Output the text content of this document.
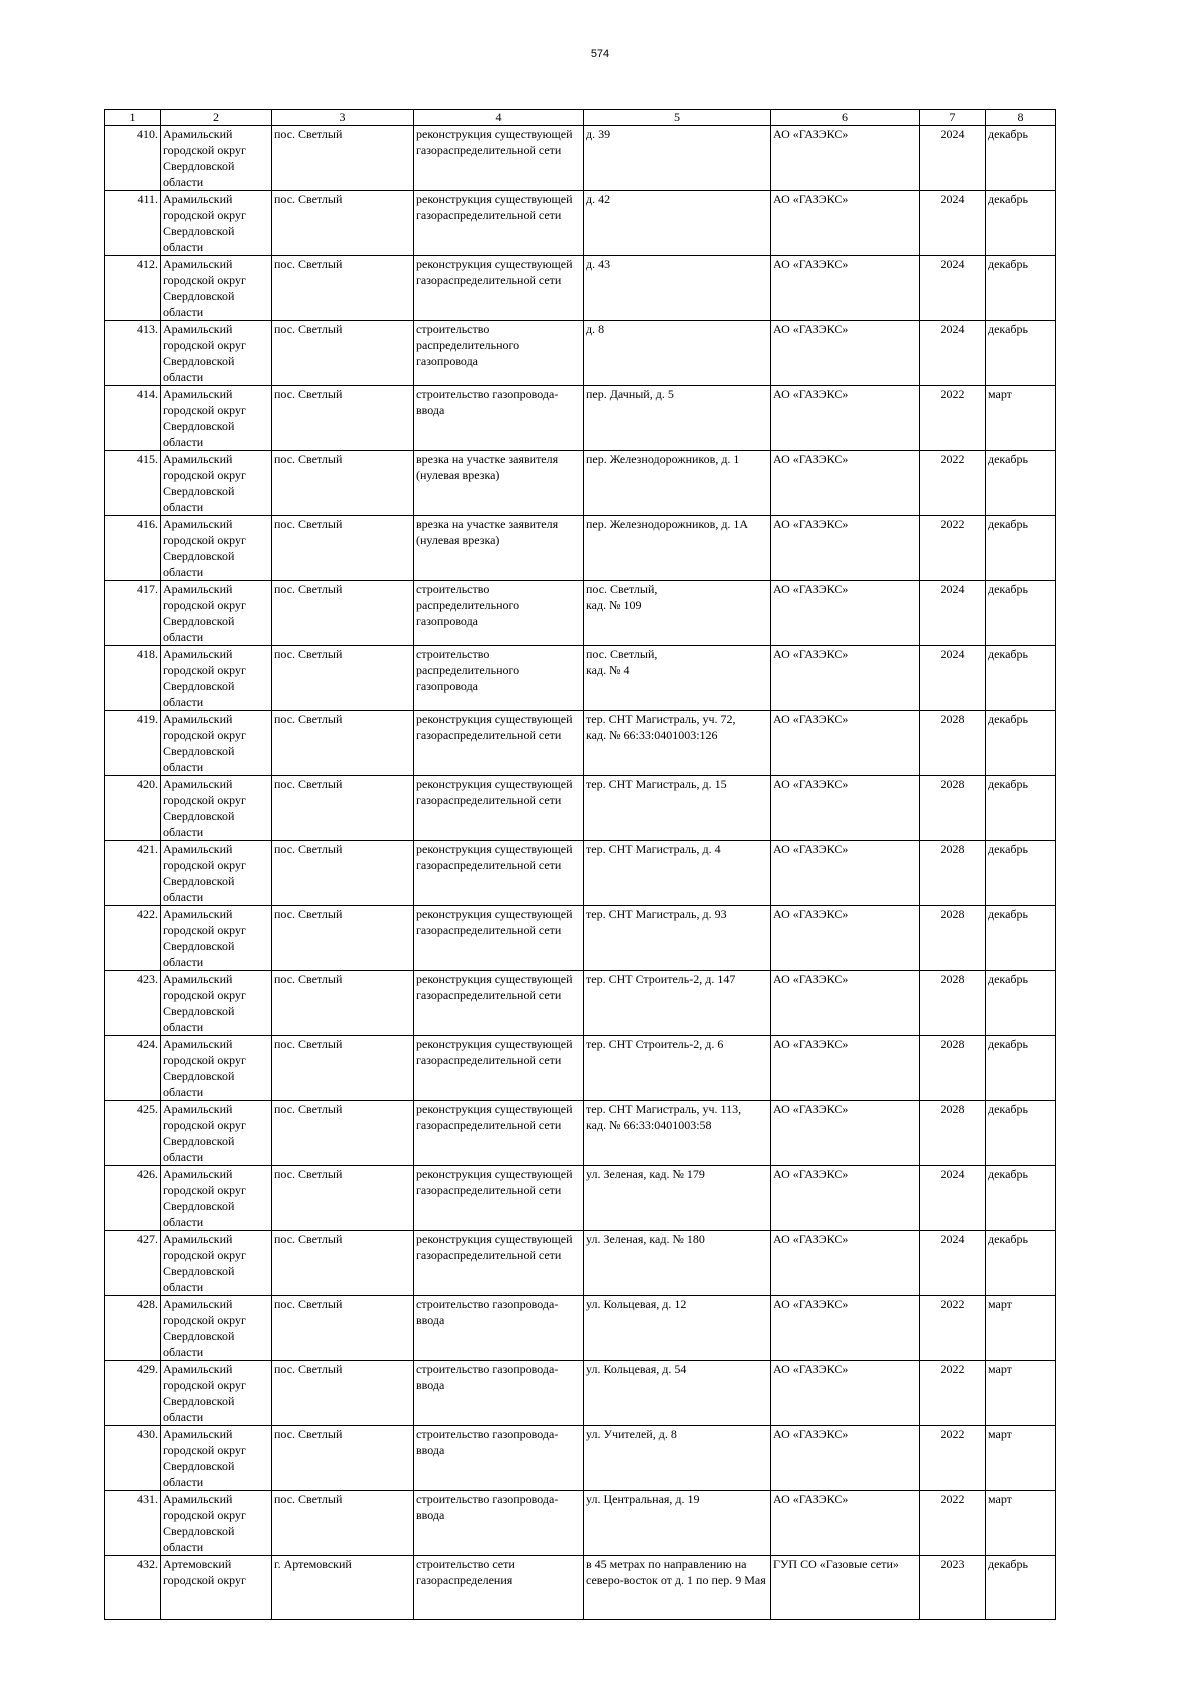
574
1	2	3	4	5	6	7	8
410.	Арамильский городской округ Свердловской области	пос. Светлый	реконструкция существующей газораспределительной сети	д. 39	АО «ГАЗЭКС»	2024	декабрь
411.	Арамильский городской округ Свердловской области	пос. Светлый	реконструкция существующей газораспределительной сети	д. 42	АО «ГАЗЭКС»	2024	декабрь
412.	Арамильский городской округ Свердловской области	пос. Светлый	реконструкция существующей газораспределительной сети	д. 43	АО «ГАЗЭКС»	2024	декабрь
413.	Арамильский городской округ Свердловской области	пос. Светлый	строительство распределительного газопровода	д. 8	АО «ГАЗЭКС»	2024	декабрь
414.	Арамильский городской округ Свердловской области	пос. Светлый	строительство газопровода-ввода	пер. Дачный, д. 5	АО «ГАЗЭКС»	2022	март
415.	Арамильский городской округ Свердловской области	пос. Светлый	врезка на участке заявителя (нулевая врезка)	пер. Железнодорожников, д. 1	АО «ГАЗЭКС»	2022	декабрь
416.	Арамильский городской округ Свердловской области	пос. Светлый	врезка на участке заявителя (нулевая врезка)	пер. Железнодорожников, д. 1А	АО «ГАЗЭКС»	2022	декабрь
417.	Арамильский городской округ Свердловской области	пос. Светлый	строительство распределительного газопровода	пос. Светлый,
кад. № 109	АО «ГАЗЭКС»	2024	декабрь
418.	Арамильский городской округ Свердловской области	пос. Светлый	строительство распределительного газопровода	пос. Светлый,
кад. № 4	АО «ГАЗЭКС»	2024	декабрь
419.	Арамильский городской округ Свердловской области	пос. Светлый	реконструкция существующей газораспределительной сети	тер. СНТ Магистраль, уч. 72,
кад. № 66:33:0401003:126	АО «ГАЗЭКС»	2028	декабрь
420.	Арамильский городской округ Свердловской области	пос. Светлый	реконструкция существующей газораспределительной сети	тер. СНТ Магистраль, д. 15	АО «ГАЗЭКС»	2028	декабрь
421.	Арамильский городской округ Свердловской области	пос. Светлый	реконструкция существующей газораспределительной сети	тер. СНТ Магистраль, д. 4	АО «ГАЗЭКС»	2028	декабрь
422.	Арамильский городской округ Свердловской области	пос. Светлый	реконструкция существующей газораспределительной сети	тер. СНТ Магистраль, д. 93	АО «ГАЗЭКС»	2028	декабрь
423.	Арамильский городской округ Свердловской области	пос. Светлый	реконструкция существующей газораспределительной сети	тер. СНТ Строитель-2, д. 147	АО «ГАЗЭКС»	2028	декабрь
424.	Арамильский городской округ Свердловской области	пос. Светлый	реконструкция существующей газораспределительной сети	тер. СНТ Строитель-2, д. 6	АО «ГАЗЭКС»	2028	декабрь
425.	Арамильский городской округ Свердловской области	пос. Светлый	реконструкция существующей газораспределительной сети	тер. СНТ Магистраль, уч. 113,
кад. № 66:33:0401003:58	АО «ГАЗЭКС»	2028	декабрь
426.	Арамильский городской округ Свердловской области	пос. Светлый	реконструкция существующей газораспределительной сети	ул. Зеленая, кад. № 179	АО «ГАЗЭКС»	2024	декабрь
427.	Арамильский городской округ Свердловской области	пос. Светлый	реконструкция существующей газораспределительной сети	ул. Зеленая, кад. № 180	АО «ГАЗЭКС»	2024	декабрь
428.	Арамильский городской округ Свердловской области	пос. Светлый	строительство газопровода-ввода	ул. Кольцевая, д. 12	АО «ГАЗЭКС»	2022	март
429.	Арамильский городской округ Свердловской области	пос. Светлый	строительство газопровода-ввода	ул. Кольцевая, д. 54	АО «ГАЗЭКС»	2022	март
430.	Арамильский городской округ Свердловской области	пос. Светлый	строительство газопровода-ввода	ул. Учителей, д. 8	АО «ГАЗЭКС»	2022	март
431.	Арамильский городской округ Свердловской области	пос. Светлый	строительство газопровода-ввода	ул. Центральная, д. 19	АО «ГАЗЭКС»	2022	март
432.	Артемовский городской округ	г. Артемовский	строительство сети газораспределения	в 45 метрах по направлению на северо-восток от д. 1 по пер. 9 Мая	ГУП СО «Газовые сети»	2023	декабрь
